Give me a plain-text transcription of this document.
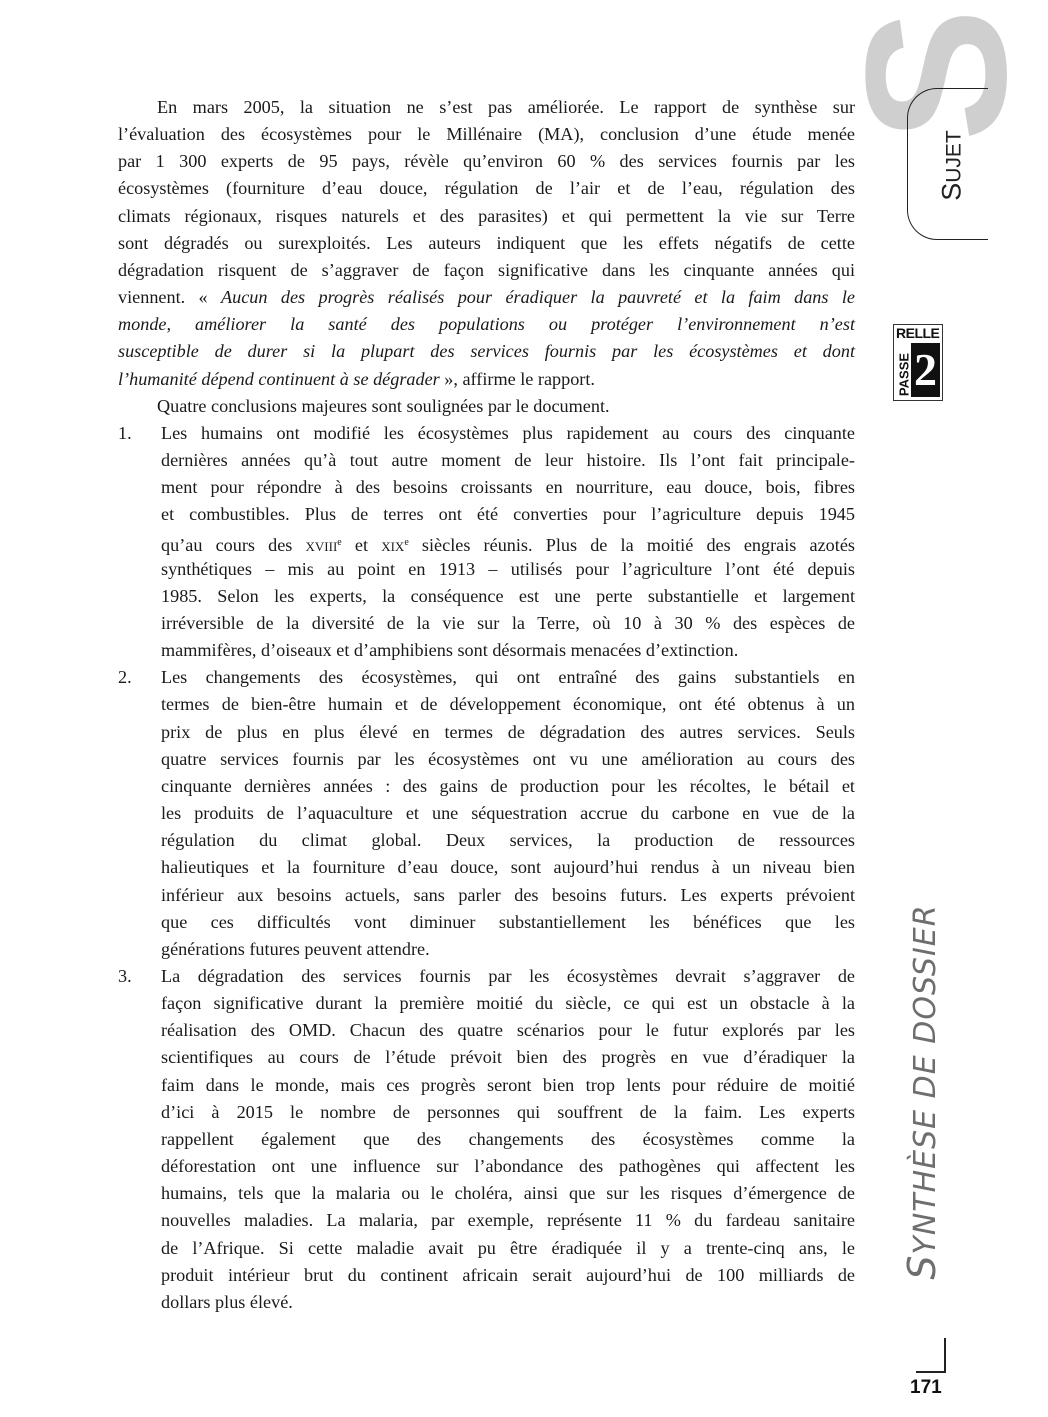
En mars 2005, la situation ne s’est pas améliorée. Le rapport de synthèse sur
l’évaluation des écosystèmes pour le Millénaire (MA), conclusion d’une étude menée
par 1 300 experts de 95 pays, révèle qu’environ 60 % des services fournis par les
écosystèmes (fourniture d’eau douce, régulation de l’air et de l’eau, régulation des
climats régionaux, risques naturels et des parasites) et qui permettent la vie sur Terre
sont dégradés ou surexploités. Les auteurs indiquent que les effets négatifs de cette
dégradation risquent de s’aggraver de façon significative dans les cinquante années qui
viennent. « Aucun des progrès réalisés pour éradiquer la pauvreté et la faim dans le
monde, améliorer la santé des populations ou protéger l’environnement n’est
susceptible de durer si la plupart des services fournis par les écosystèmes et dont
l’humanité dépend continuent à se dégrader », affirme le rapport.
Quatre conclusions majeures sont soulignées par le document.
1. Les humains ont modifié les écosystèmes plus rapidement au cours des cinquante
dernières années qu’à tout autre moment de leur histoire. Ils l’ont fait principale-
ment pour répondre à des besoins croissants en nourriture, eau douce, bois, fibres
et combustibles. Plus de terres ont été converties pour l’agriculture depuis 1945
qu’au cours des xviii$^e$ et xix$^e$ siècles réunis. Plus de la moitié des engrais azotés
synthétiques – mis au point en 1913 – utilisés pour l’agriculture l’ont été depuis
1985. Selon les experts, la conséquence est une perte substantielle et largement
irréversible de la diversité de la vie sur la Terre, où 10 à 30 % des espèces de
mammifères, d’oiseaux et d’amphibiens sont désormais menacées d’extinction.
2. Les changements des écosystèmes, qui ont entraîné des gains substantiels en
termes de bien-être humain et de développement économique, ont été obtenus à un
prix de plus en plus élevé en termes de dégradation des autres services. Seuls
quatre services fournis par les écosystèmes ont vu une amélioration au cours des
cinquante dernières années : des gains de production pour les récoltes, le bétail et
les produits de l’aquaculture et une séquestration accrue du carbone en vue de la
régulation du climat global. Deux services, la production de ressources
halieutiques et la fourniture d’eau douce, sont aujourd’hui rendus à un niveau bien
inférieur aux besoins actuels, sans parler des besoins futurs. Les experts prévoient
que ces difficultés vont diminuer substantiellement les bénéfices que les
générations futures peuvent attendre.
3. La dégradation des services fournis par les écosystèmes devrait s’aggraver de
façon significative durant la première moitié du siècle, ce qui est un obstacle à la
réalisation des OMD. Chacun des quatre scénarios pour le futur explorés par les
scientifiques au cours de l’étude prévoit bien des progrès en vue d’éradiquer la
faim dans le monde, mais ces progrès seront bien trop lents pour réduire de moitié
d’ici à 2015 le nombre de personnes qui souffrent de la faim. Les experts
rappellent également que des changements des écosystèmes comme la
déforestation ont une influence sur l’abondance des pathogènes qui affectent les
humains, tels que la malaria ou le choléra, ainsi que sur les risques d’émergence de
nouvelles maladies. La malaria, par exemple, représente 11 % du fardeau sanitaire
de l’Afrique. Si cette maladie avait pu être éradiquée il y a trente-cinq ans, le
produit intérieur brut du continent africain serait aujourd’hui de 100 milliards de
dollars plus élevé.
S
SUJET
RELLE
PASSE 2
SYNTHÈSE DE DOSSIER
171
